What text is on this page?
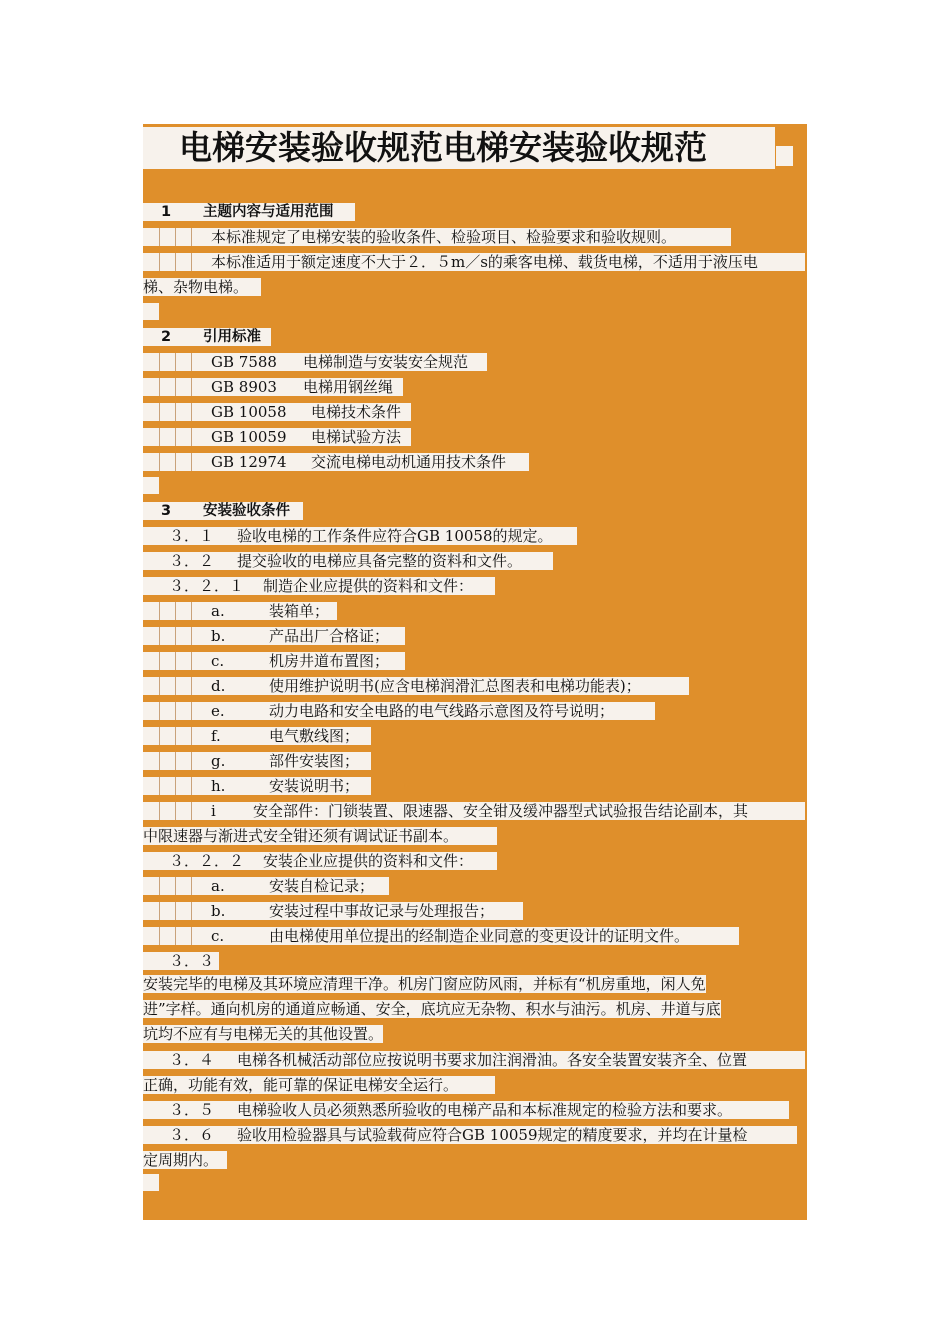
电梯安装验收规范电梯安装验收规范
1 主题内容与适用范围
本标准规定了电梯安装的验收条件、检验项目、检验要求和验收规则。
本标准适用于额定速度不大于２．５m／s的乘客电梯、载货电梯，不适用于液压电
梯、杂物电梯。
2 引用标准
GB 7588 电梯制造与安装安全规范
GB 8903 电梯用钢丝绳
GB 10058 电梯技术条件
GB 10059 电梯试验方法
GB 12974 交流电梯电动机通用技术条件
3 安装验收条件
３．１ 验收电梯的工作条件应符合GB 10058的规定。
３．２ 提交验收的电梯应具备完整的资料和文件。
３．２．１ 制造企业应提供的资料和文件：
a.	装箱单；
b.	产品出厂合格证；
c.	机房井道布置图；
d.	使用维护说明书(应含电梯润滑汇总图表和电梯功能表)；
e.	动力电路和安全电路的电气线路示意图及符号说明；
f.	电气敷线图；
g.	部件安装图；
h.	安装说明书；
i 安全部件：门锁装置、限速器、安全钳及缓冲器型式试验报告结论副本，其
中限速器与渐进式安全钳还须有调试证书副本。
３．２．２ 安装企业应提供的资料和文件：
a.	安装自检记录；
b.	安装过程中事故记录与处理报告；
c.	由电梯使用单位提出的经制造企业同意的变更设计的证明文件。
３．３
安装完毕的电梯及其环境应清理干净。机房门窗应防风雨，并标有“机房重地，闲人免
进”字样。通向机房的通道应畅通、安全，底坑应无杂物、积水与油污。机房、井道与底
坑均不应有与电梯无关的其他设置。
３．４ 电梯各机械活动部位应按说明书要求加注润滑油。各安全装置安装齐全、位置
正确，功能有效，能可靠的保证电梯安全运行。
３．５ 电梯验收人员必须熟悉所验收的电梯产品和本标准规定的检验方法和要求。
３．６ 验收用检验器具与试验载荷应符合GB 10059规定的精度要求，并均在计量检
定周期内。
